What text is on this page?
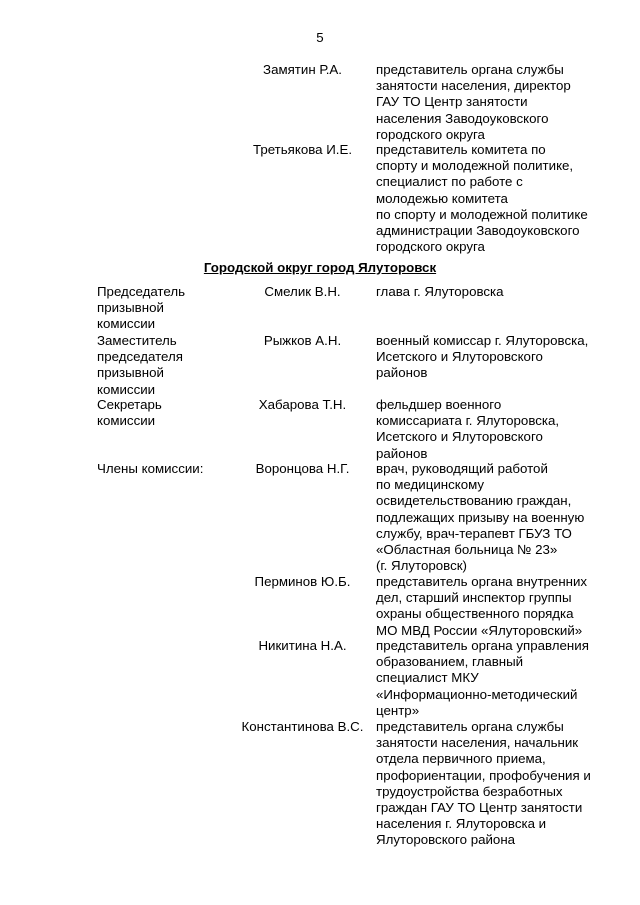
5
Замятин Р.А.	представитель органа службы
занятости населения, директор
ГАУ ТО Центр занятости
населения Заводоуковского
городского округа
Третьякова И.Е.	представитель комитета по
спорту и молодежной политике,
специалист по работе с
молодежью комитета
по спорту и молодежной политике
администрации Заводоуковского
городского округа
Городской округ город Ялуторовск
Председатель
призывной
комиссии
Смелик В.Н.	глава г. Ялуторовска
Заместитель
председателя
призывной
комиссии
Рыжков А.Н.	военный комиссар г. Ялуторовска,
Исетского и Ялуторовского
районов
Секретарь
комиссии
Хабарова Т.Н.	фельдшер военного
комиссариата г. Ялуторовска,
Исетского и Ялуторовского
районов
Члены комиссии:	Воронцова Н.Г.	врач, руководящий работой
по медицинскому
освидетельствованию граждан,
подлежащих призыву на военную
службу, врач-терапевт ГБУЗ ТО
«Областная больница № 23»
(г. Ялуторовск)
Перминов Ю.Б.	представитель органа внутренних
дел, старший инспектор группы
охраны общественного порядка
МО МВД России «Ялуторовский»
Никитина Н.А.	представитель органа управления
образованием, главный
специалист МКУ
«Информационно-методический
центр»
Константинова В.С. представитель органа службы
занятости населения, начальник
отдела первичного приема,
профориентации, профобучения и
трудоустройства безработных
граждан ГАУ ТО Центр занятости
населения г. Ялуторовска и
Ялуторовского района
